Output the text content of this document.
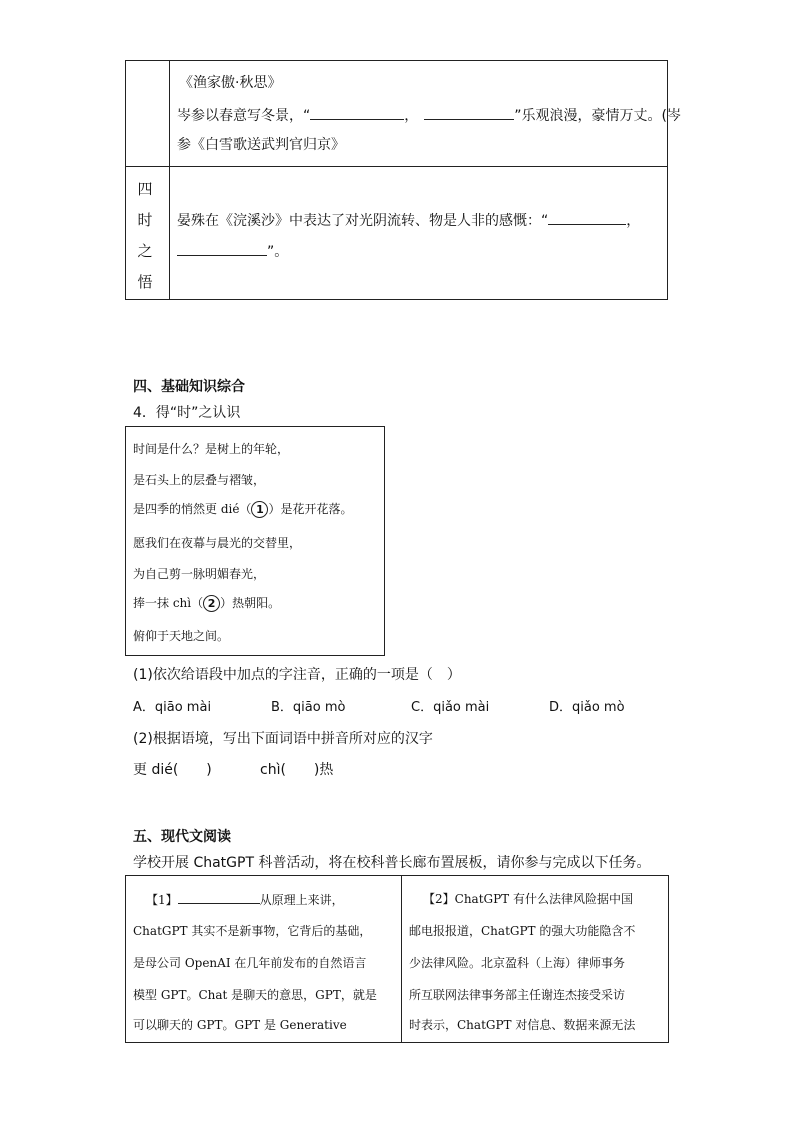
《渔家傲·秋思》
岑参以春意写冬景，“	，	”乐观浪漫，豪情万丈。(岑
参《白雪歌送武判官归京》
四
时
之
悟
晏殊在《浣溪沙》中表达了对光阴流转、物是人非的感慨：“	，
”。
四、基础知识综合
4．得“时”之认识
时间是什么？是树上的年轮，
是石头上的层叠与褶皱，
是四季的悄然更 dié（ 1 ）是花开花落。
愿我们在夜幕与晨光的交替里，
为自己剪一脉明媚春光，
捧一抹 chì（ 2 ）热朝阳。
俯仰于天地之间。
(1)依次给语段中加点的字注音，正确的一项是（　）
A．qiāo mài	B．qiāo mò	C．qiǎo mài	D．qiǎo mò
(2)根据语境，写出下面词语中拼音所对应的汉字
更 dié(　　)	chì(　　)热
五、现代文阅读
学校开展 ChatGPT 科普活动，将在校科普长廊布置展板，请你参与完成以下任务。
【1】	从原理上来讲，
ChatGPT 其实不是新事物，它背后的基础，
是母公司 OpenAI 在几年前发布的自然语言
模型 GPT。Chat 是聊天的意思，GPT，就是
可以聊天的 GPT。GPT 是 Generative
【2】ChatGPT 有什么法律风险据中国
邮电报报道，ChatGPT 的强大功能隐含不
少法律风险。北京盈科（上海）律师事务
所互联网法律事务部主任谢连杰接受采访
时表示，ChatGPT 对信息、数据来源无法
